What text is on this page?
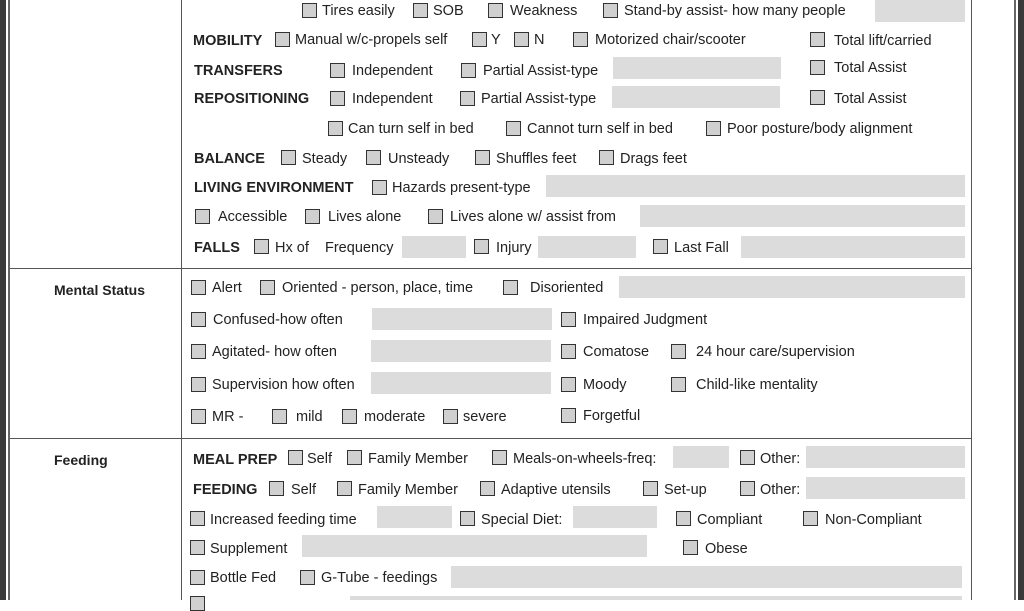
Tires easily	SOB	Weakness	Stand-by assist- how many people
MOBILITY Manual w/c-propels self	Y N	Motorized chair/scooter	Total lift/carried
TRANSFERS	Independent	Partial Assist-type	Total Assist
REPOSITIONING	Independent	Partial Assist-type	Total Assist
Can turn self in bed	Cannot turn self in bed	Poor posture/body alignment
BALANCE	Steady	Unsteady	Shuffles feet	Drags feet
LIVING ENVIRONMENT	Hazards present-type
Accessible	Lives alone	Lives alone w/ assist from
FALLS Hx of Frequency	Injury	Last Fall
Mental Status	Alert	Oriented - person, place, time	Disoriented
Confused-how often	Impaired Judgment
Agitated- how often	Comatose	24 hour care/supervision
Supervision how often	Moody	Child-like mentality
MR -	mild	moderate	severe	Forgetful
Feeding	MEAL PREP Self Family Member	Meals-on-wheels-freq:	Other:
FEEDING Self	Family Member	Adaptive utensils	Set-up	Other:
Increased feeding time	Special Diet:	Compliant	Non-Compliant
Supplement	Obese
Bottle Fed	G-Tube - feedings
